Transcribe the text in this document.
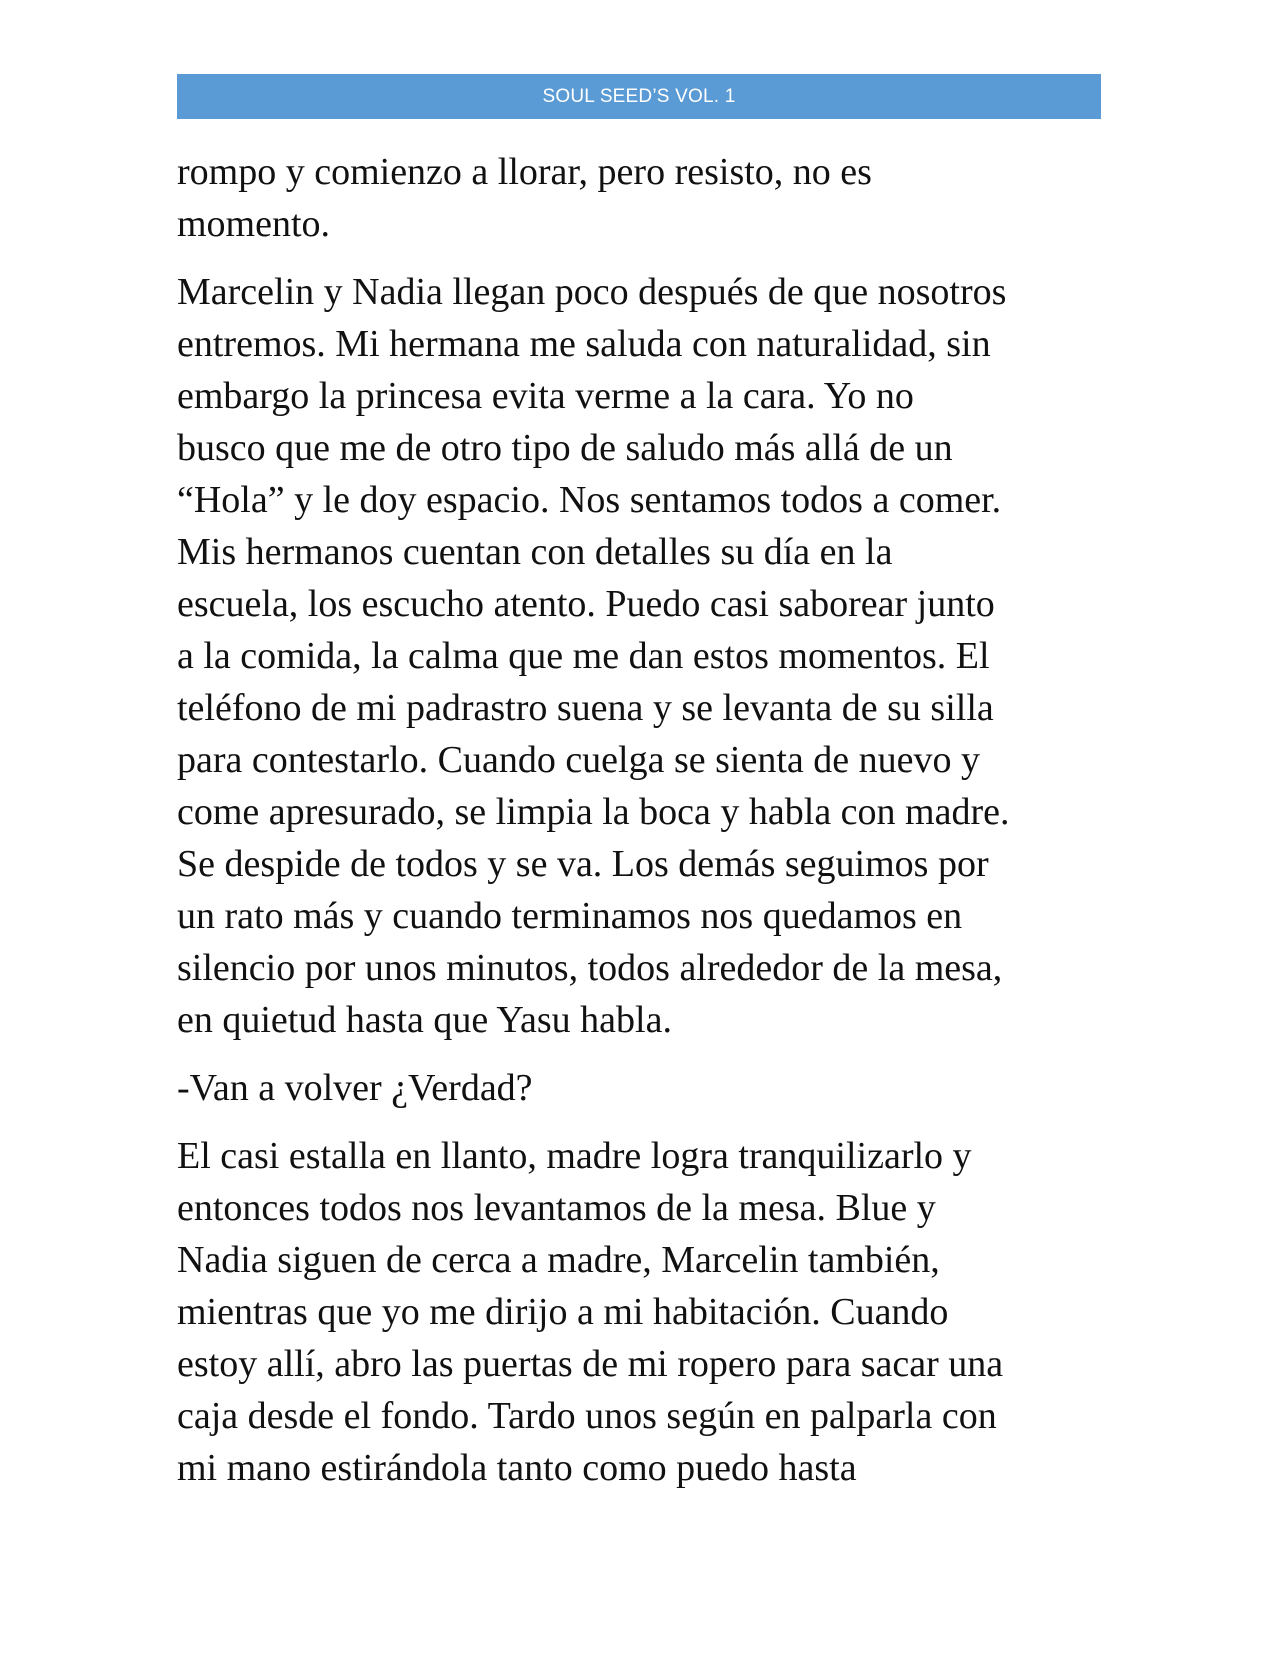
SOUL SEED’S VOL. 1

rompo y comienzo a llorar, pero resisto, no es
momento.

Marcelin y Nadia llegan poco después de que nosotros
entremos. Mi hermana me saluda con naturalidad, sin
embargo la princesa evita verme a la cara. Yo no
busco que me de otro tipo de saludo más allá de un
“Hola” y le doy espacio. Nos sentamos todos a comer.
Mis hermanos cuentan con detalles su día en la
escuela, los escucho atento. Puedo casi saborear junto
a la comida, la calma que me dan estos momentos. El
teléfono de mi padrastro suena y se levanta de su silla
para contestarlo. Cuando cuelga se sienta de nuevo y
come apresurado, se limpia la boca y habla con madre.
Se despide de todos y se va. Los demás seguimos por
un rato más y cuando terminamos nos quedamos en
silencio por unos minutos, todos alrededor de la mesa,
en quietud hasta que Yasu habla.

-Van a volver ¿Verdad?

El casi estalla en llanto, madre logra tranquilizarlo y
entonces todos nos levantamos de la mesa. Blue y
Nadia siguen de cerca a madre, Marcelin también,
mientras que yo me dirijo a mi habitación. Cuando
estoy allí, abro las puertas de mi ropero para sacar una
caja desde el fondo. Tardo unos según en palparla con
mi mano estirándola tanto como puedo hasta
